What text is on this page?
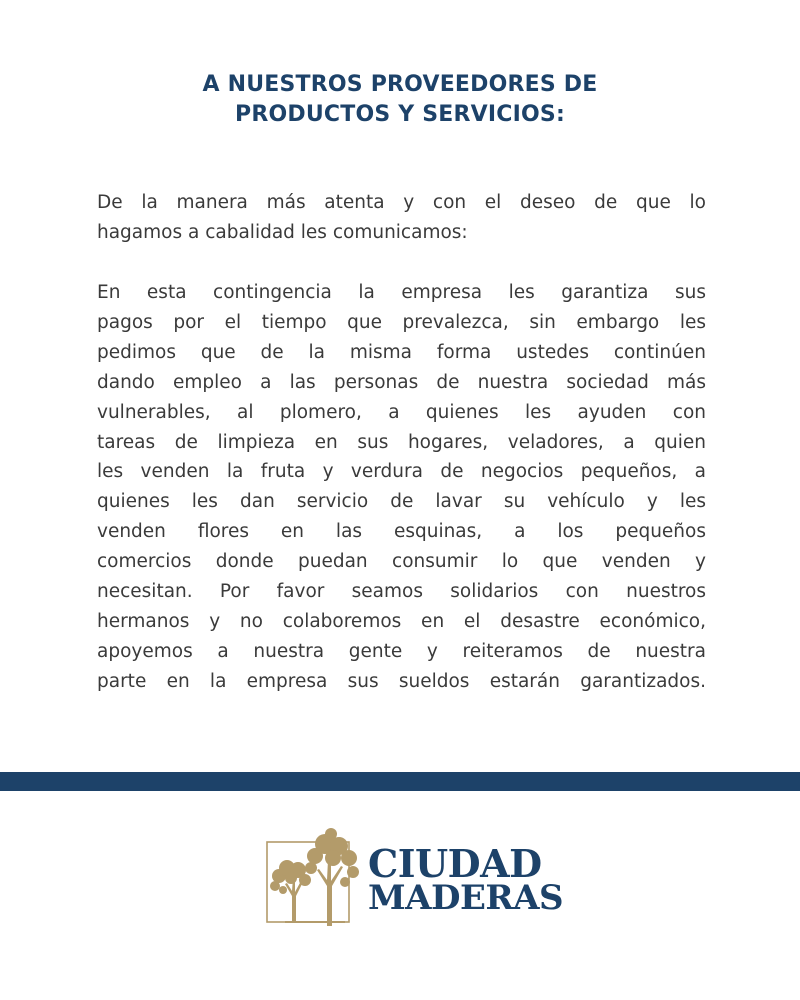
A NUESTROS PROVEEDORES DE
PRODUCTOS Y SERVICIOS:
De la manera más atenta y con el deseo de que lo
hagamos a cabalidad les comunicamos:
En esta contingencia la empresa les garantiza sus
pagos por el tiempo que prevalezca, sin embargo les
pedimos que de la misma forma ustedes continúen
dando empleo a las personas de nuestra sociedad más
vulnerables, al plomero, a quienes les ayuden con
tareas de limpieza en sus hogares, veladores, a quien
les venden la fruta y verdura de negocios pequeños, a
quienes les dan servicio de lavar su vehículo y les
venden flores en las esquinas, a los pequeños
comercios donde puedan consumir lo que venden y
necesitan. Por favor seamos solidarios con nuestros
hermanos y no colaboremos en el desastre económico,
apoyemos a nuestra gente y reiteramos de nuestra
parte en la empresa sus sueldos estarán garantizados.
CIUDAD
MADERAS
